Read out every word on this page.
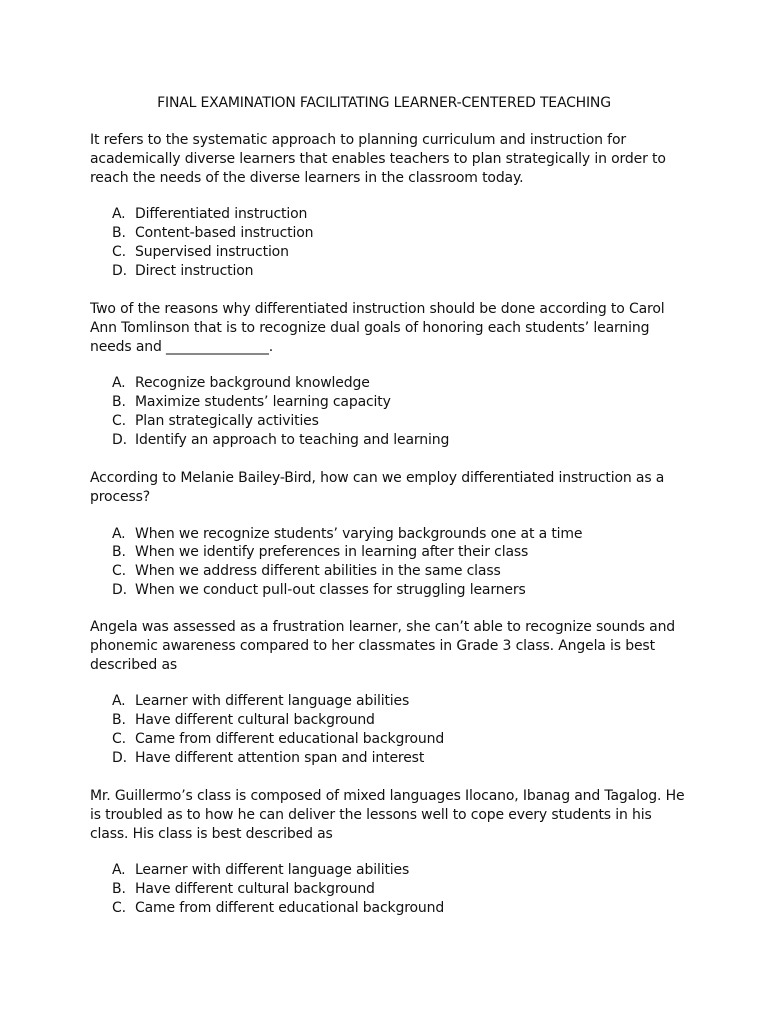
FINAL EXAMINATION FACILITATING LEARNER-CENTERED TEACHING

It refers to the systematic approach to planning curriculum and instruction for academically diverse learners that enables teachers to plan strategically in order to reach the needs of the diverse learners in the classroom today.

A. Differentiated instruction
B. Content-based instruction
C. Supervised instruction
D. Direct instruction

Two of the reasons why differentiated instruction should be done according to Carol Ann Tomlinson that is to recognize dual goals of honoring each students’ learning needs and _______________.

A. Recognize background knowledge
B. Maximize students’ learning capacity
C. Plan strategically activities
D. Identify an approach to teaching and learning

According to Melanie Bailey-Bird, how can we employ differentiated instruction as a process?

A. When we recognize students’ varying backgrounds one at a time
B. When we identify preferences in learning after their class
C. When we address different abilities in the same class
D. When we conduct pull-out classes for struggling learners

Angela was assessed as a frustration learner, she can’t able to recognize sounds and phonemic awareness compared to her classmates in Grade 3 class. Angela is best described as

A. Learner with different language abilities
B. Have different cultural background
C. Came from different educational background
D. Have different attention span and interest

Mr. Guillermo’s class is composed of mixed languages Ilocano, Ibanag and Tagalog. He is troubled as to how he can deliver the lessons well to cope every students in his class. His class is best described as

A. Learner with different language abilities
B. Have different cultural background
C. Came from different educational background
